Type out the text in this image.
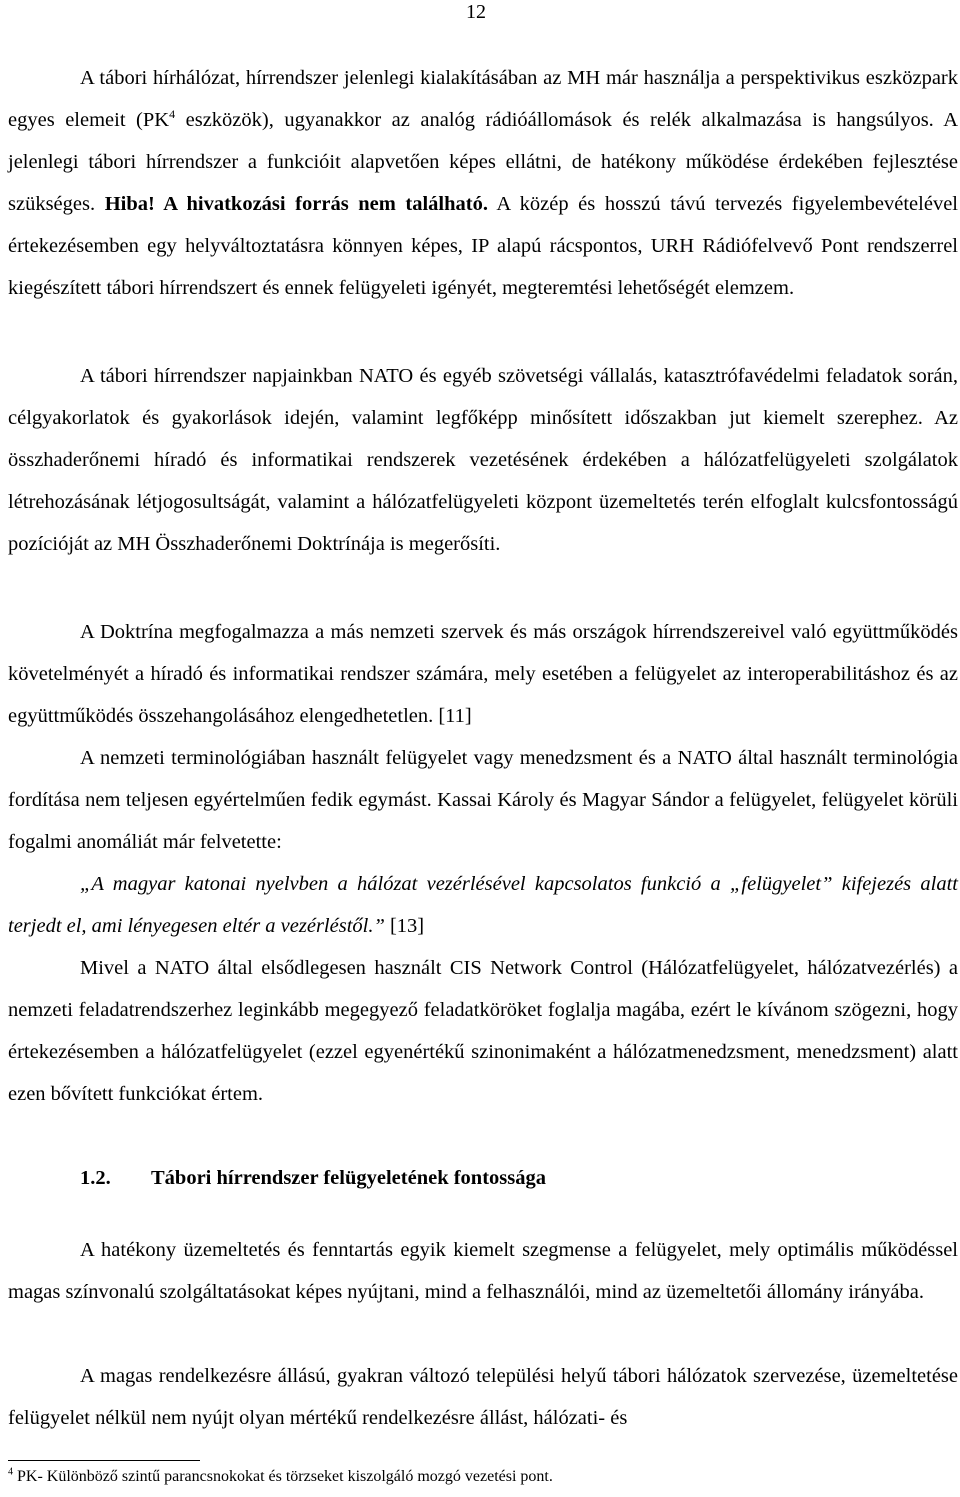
12

A tábori hírhálózat, hírrendszer jelenlegi kialakításában az MH már használja a perspektivikus eszközpark egyes elemeit ($PK^4$ eszközök), ugyanakkor az analóg rádióállomások és relék alkalmazása is hangsúlyos. A jelenlegi tábori hírrendszer a funkcióit alapvetően képes ellátni, de hatékony működése érdekében fejlesztése szükséges. Hiba! A hivatkozási forrás nem található. A közép és hosszú távú tervezés figyelembevételével értekezésemben egy helyváltoztatásra könnyen képes, IP alapú rácspontos, URH Rádiófelvevő Pont rendszerrel kiegészített tábori hírrendszert és ennek felügyeleti igényét, megteremtési lehetőségét elemzem.

A tábori hírrendszer napjainkban NATO és egyéb szövetségi vállalás, katasztrófavédelmi feladatok során, célgyakorlatok és gyakorlások idején, valamint legfőképp minősített időszakban jut kiemelt szerephez. Az összhaderőnemi híradó és informatikai rendszerek vezetésének érdekében a hálózatfelügyeleti szolgálatok létrehozásának létjogosultságát, valamint a hálózatfelügyeleti központ üzemeltetés terén elfoglalt kulcsfontosságú pozícióját az MH Összhaderőnemi Doktrínája is megerősíti.

A Doktrína megfogalmazza a más nemzeti szervek és más országok hírrendszereivel való együttműködés követelményét a híradó és informatikai rendszer számára, mely esetében a felügyelet az interoperabilitáshoz és az együttműködés összehangolásához elengedhetetlen. [11]

A nemzeti terminológiában használt felügyelet vagy menedzsment és a NATO által használt terminológia fordítása nem teljesen egyértelműen fedik egymást. Kassai Károly és Magyar Sándor a felügyelet, felügyelet körüli fogalmi anomáliát már felvetette:

„A magyar katonai nyelvben a hálózat vezérlésével kapcsolatos funkció a „felügyelet” kifejezés alatt terjedt el, ami lényegesen eltér a vezérléstől.” [13]

Mivel a NATO által elsődlegesen használt CIS Network Control (Hálózatfelügyelet, hálózatvezérlés) a nemzeti feladatrendszerhez leginkább megegyező feladatköröket foglalja magába, ezért le kívánom szögezni, hogy értekezésemben a hálózatfelügyelet (ezzel egyenértékű szinonimaként a hálózatmenedzsment, menedzsment) alatt ezen bővített funkciókat értem.

1.2. Tábori hírrendszer felügyeletének fontossága

A hatékony üzemeltetés és fenntartás egyik kiemelt szegmense a felügyelet, mely optimális működéssel magas színvonalú szolgáltatásokat képes nyújtani, mind a felhasználói, mind az üzemeltetői állomány irányába.

A magas rendelkezésre állású, gyakran változó települési helyű tábori hálózatok szervezése, üzemeltetése felügyelet nélkül nem nyújt olyan mértékű rendelkezésre állást, hálózati- és

$^4$ PK- Különböző szintű parancsnokokat és törzseket kiszolgáló mozgó vezetési pont.
